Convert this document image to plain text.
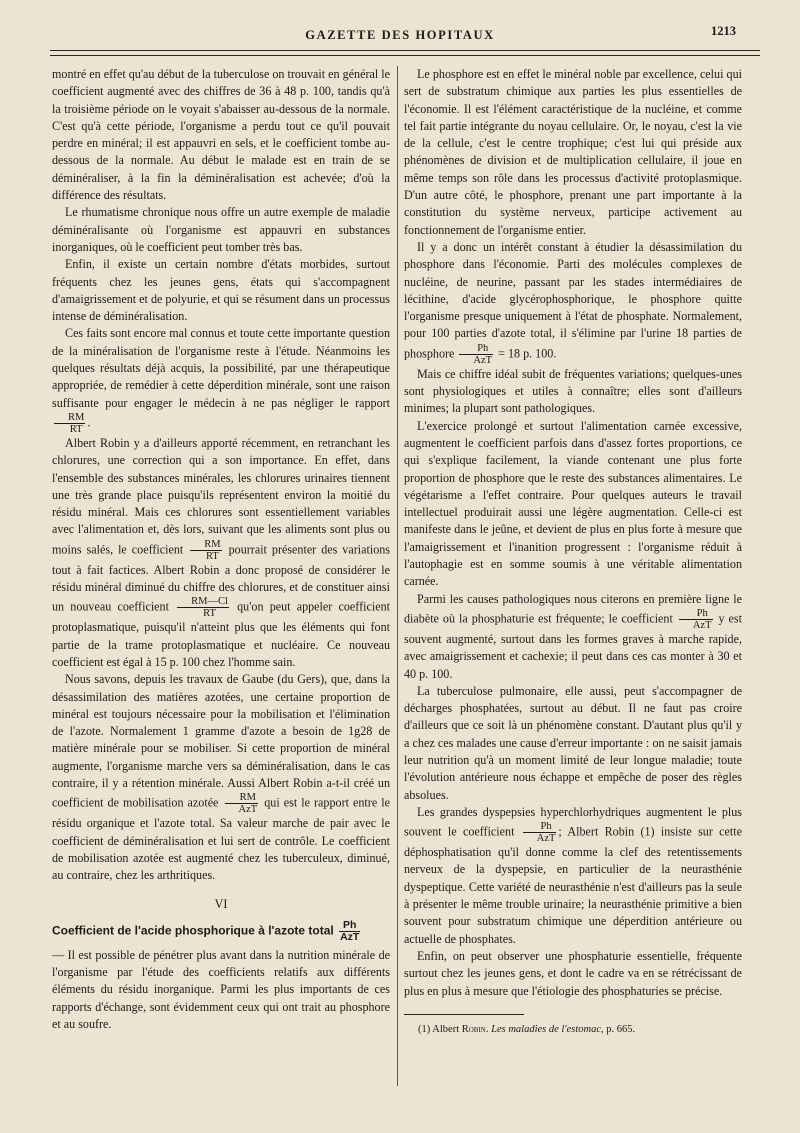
GAZETTE DES HOPITAUX	1213

montré en effet qu'au début de la tuberculose on trouvait en général le coefficient augmenté avec des chiffres de 36 à 48 p. 100, tandis qu'à la troisième période on le voyait s'abaisser au-dessous de la normale. C'est qu'à cette période, l'organisme a perdu tout ce qu'il pouvait perdre en minéral; il est appauvri en sels, et le coefficient tombe au-dessous de la normale. Au début le malade est en train de se déminéraliser, à la fin la déminéralisation est achevée; d'où la différence des résultats.

Le rhumatisme chronique nous offre un autre exemple de maladie déminéralisante où l'organisme est appauvri en substances inorganiques, où le coefficient peut tomber très bas.

Enfin, il existe un certain nombre d'états morbides, surtout fréquents chez les jeunes gens, états qui s'accompagnent d'amaigrissement et de polyurie, et qui se résument dans un processus intense de déminéralisation.

Ces faits sont encore mal connus et toute cette importante question de la minéralisation de l'organisme reste à l'étude. Néanmoins les quelques résultats déjà acquis, la possibilité, par une thérapeutique appropriée, de remédier à cette déperdition minérale, sont une raison suffisante pour engager le médecin à ne pas négliger le rapport
$\frac{RM}{RT}$ .

Albert Robin y a d'ailleurs apporté récemment, en retranchant les chlorures, une correction qui a son importance. En effet, dans l'ensemble des substances minérales, les chlorures urinaires tiennent une très grande place puisqu'ils représentent environ la moitié du résidu minéral. Mais ces chlorures sont essentiellement variables avec l'alimentation et, dès lors, suivant que les aliments sont plus ou moins salés, le coefficient $\frac{RM}{RT}$ pourrait présenter des variations tout à fait factices. Albert Robin a donc proposé de considérer le résidu minéral diminué du chiffre des chlorures, et de constituer ainsi un nouveau coefficient $\frac{RM—Cl}{RT} qu'on$ peut appeler coefficient protoplasmatique, puisqu'il n'atteint plus que les éléments qui font partie de la trame protoplasmatique et nucléaire. Ce nouveau coefficient est égal à 15 p. 100 chez l'homme sain.

Nous savons, depuis les travaux de Gaube (du Gers), que, dans la désassimilation des matières azotées, une certaine proportion de minéral est toujours nécessaire pour la mobilisation et l'élimination de l'azote. Normalement 1 gramme d'azote a besoin de 1g28 de matière minérale pour se mobiliser. Si cette proportion de minéral augmente, l'organisme marche vers sa déminéralisation, dans le cas contraire, il y a rétention minérale. Aussi Albert Robin a-t-il créé un coefficient de mobilisation azotée $\frac{RM}{\text{AzT}}$ qui est le rapport entre le résidu organique et l'azote total. Sa valeur marche de pair avec le coefficient de déminéralisation et lui sert de contrôle. Le coefficient de mobilisation azotée est augmenté chez les tuberculeux, diminué, au contraire, chez les arthritiques.

VI

Coefficient de l'acide phosphorique à l'azote total $\frac{Ph}{\text{AzT}}$

— Il est possible de pénétrer plus avant dans la nutrition minérale de l'organisme par l'étude des coefficients relatifs aux différents éléments du résidu inorganique. Parmi les plus importants de ces rapports d'échange, sont évidemment ceux qui ont trait au phosphore et au soufre.

Le phosphore est en effet le minéral noble par excellence, celui qui sert de substratum chimique aux parties les plus essentielles de l'économie. Il est l'élément caractéristique de la nucléine, et comme tel fait partie intégrante du noyau cellulaire. Or, le noyau, c'est la vie de la cellule, c'est le centre trophique; c'est lui qui préside aux phénomènes de division et de multiplication cellulaire, il joue en même temps son rôle dans les processus d'activité protoplasmique. D'un autre côté, le phosphore, prenant une part importante à la constitution du système nerveux, participe activement au fonctionnement de l'organisme entier.

Il y a donc un intérêt constant à étudier la désassimilation du phosphore dans l'économie. Parti des molécules complexes de nucléine, de neurine, passant par les stades intermédiaires de lécithine, d'acide glycérophosphorique, le phosphore quitte l'organisme presque uniquement à l'état de phosphate. Normalement, pour 100 parties d'azote total, il s'élimine par l'urine 18 parties de phosphore $\frac{Ph}{\text{AzT}} = 18$ p. 100.

Mais ce chiffre idéal subit de fréquentes variations; quelques-unes sont physiologiques et utiles à connaître; elles sont d'ailleurs minimes; la plupart sont pathologiques.

L'exercice prolongé et surtout l'alimentation carnée excessive, augmentent le coefficient parfois dans d'assez fortes proportions, ce qui s'explique facilement, la viande contenant une plus forte proportion de phosphore que le reste des substances alimentaires. Le végétarisme a l'effet contraire. Pour quelques auteurs le travail intellectuel produirait aussi une légère augmentation. Celle-ci est manifeste dans le jeûne, et devient de plus en plus forte à mesure que l'amaigrissement et l'inanition progressent : l'organisme réduit à l'autophagie est en somme soumis à une véritable alimentation carnée.

Parmi les causes pathologiques nous citerons en première ligne le diabète où la phosphaturie est fréquente; le coefficient $\frac{Ph}{\text{AzT}}$ y est souvent augmenté, surtout dans les formes graves à marche rapide, avec amaigrissement et cachexie; il peut dans ces cas monter à 30 et 40 p. 100.

La tuberculose pulmonaire, elle aussi, peut s'accompagner de décharges phosphatées, surtout au début. Il ne faut pas croire d'ailleurs que ce soit là un phénomène constant. D'autant plus qu'il y a chez ces malades une cause d'erreur importante : on ne saisit jamais leur nutrition qu'à un moment limité de leur longue maladie; toute l'évolution antérieure nous échappe et empêche de poser des règles absolues.

Les grandes dyspepsies hyperchlorhydriques augmentent le plus souvent le coefficient $\frac{Ph}{\text{AzT}}$ ; Albert Robin (1) insiste sur cette déphosphatisation qu'il donne comme la clef des retentissements nerveux de la dyspepsie, en particulier de la neurasthénie dyspeptique. Cette variété de neurasthénie n'est d'ailleurs pas la seule à présenter le même trouble urinaire; la neurasthénie primitive a bien souvent pour substratum chimique une déperdition antérieure ou actuelle de phosphates.

Enfin, on peut observer une phosphaturie essentielle, fréquente surtout chez les jeunes gens, et dont le cadre va en se rétrécissant de plus en plus à mesure que l'étiologie des phosphaturies se précise.

(1) Albert Robin. Les maladies de l'estomac, p. 665.
